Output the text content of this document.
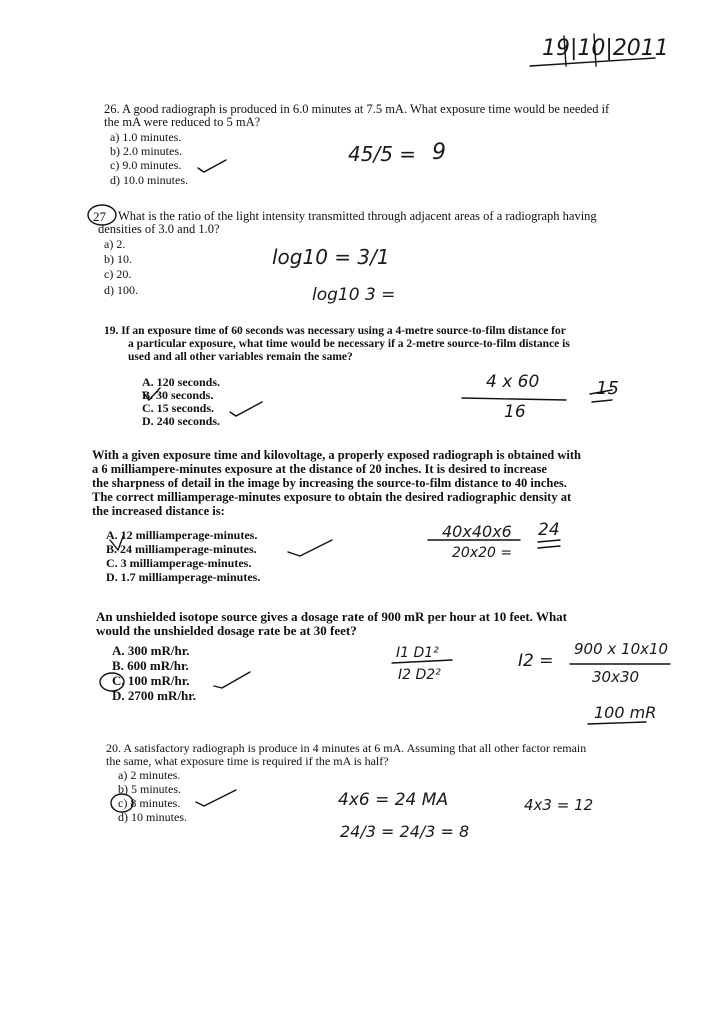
19|10|2011
26. A good radiograph is produced in 6.0 minutes at 7.5 mA. What exposure time would be needed if
the mA were reduced to 5 mA?
a) 1.0 minutes.
b) 2.0 minutes.
c) 9.0 minutes.
d) 10.0 minutes.
45/5 = 9
27 What is the ratio of the light intensity transmitted through adjacent areas of a radiograph having
densities of 3.0 and 1.0?
a) 2.
b) 10.
c) 20.
d) 100.
log10 = 3/1
log10 3 =
19. If an exposure time of 60 seconds was necessary using a 4-metre source-to-film distance for
a particular exposure, what time would be necessary if a 2-metre source-to-film distance is
used and all other variables remain the same?
A. 120 seconds.
B. 30 seconds.
C. 15 seconds.
D. 240 seconds.
4 x 60
16
15
With a given exposure time and kilovoltage, a properly exposed radiograph is obtained with
a 6 milliampere-minutes exposure at the distance of 20 inches. It is desired to increase
the sharpness of detail in the image by increasing the source-to-film distance to 40 inches.
The correct milliamperage-minutes exposure to obtain the desired radiographic density at
the increased distance is:
A. 12 milliamperage-minutes.
B. 24 milliamperage-minutes.
C. 3 milliamperage-minutes.
D. 1.7 milliamperage-minutes.
40x40x6
20x20 =
24
An unshielded isotope source gives a dosage rate of 900 mR per hour at 10 feet. What
would the unshielded dosage rate be at 30 feet?
A. 300 mR/hr.
B. 600 mR/hr.
C. 100 mR/hr.
D. 2700 mR/hr.
I1 D1²
I2 D2²
I2 =
900 x 10x10
30x30
100 mR
20. A satisfactory radiograph is produce in 4 minutes at 6 mA. Assuming that all other factor remain
the same, what exposure time is required if the mA is half?
a) 2 minutes.
b) 5 minutes.
c) 8 minutes.
d) 10 minutes.
4x6 = 24 MA	4x3 = 12
24/3 = 24/3 = 8
